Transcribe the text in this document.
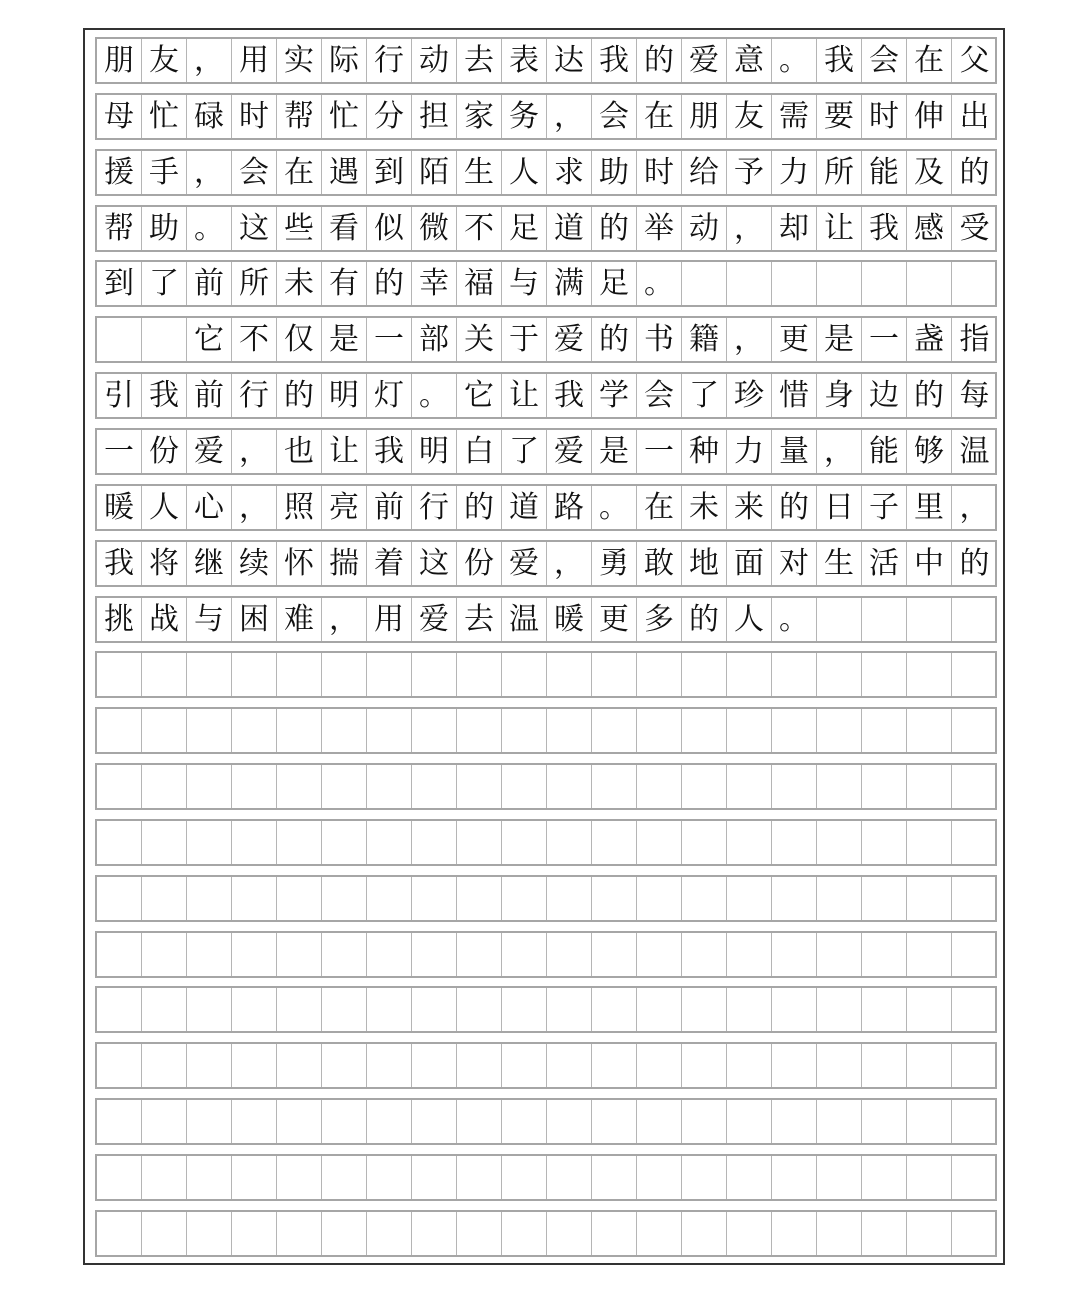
朋 友 ， 用 实 际 行 动 去 表 达 我 的 爱 意 。 我 会 在 父
母 忙 碌 时 帮 忙 分 担 家 务 ， 会 在 朋 友 需 要 时 伸 出
援 手 ， 会 在 遇 到 陌 生 人 求 助 时 给 予 力 所 能 及 的
帮 助 。 这 些 看 似 微 不 足 道 的 举 动 ， 却 让 我 感 受
到 了 前 所 未 有 的 幸 福 与 满 足 。
它 不 仅 是 一 部 关 于 爱 的 书 籍 ， 更 是 一 盏 指
引 我 前 行 的 明 灯 。 它 让 我 学 会 了 珍 惜 身 边 的 每
一 份 爱 ， 也 让 我 明 白 了 爱 是 一 种 力 量 ， 能 够 温
暖 人 心 ， 照 亮 前 行 的 道 路 。 在 未 来 的 日 子 里 ，
我 将 继 续 怀 揣 着 这 份 爱 ， 勇 敢 地 面 对 生 活 中 的
挑 战 与 困 难 ， 用 爱 去 温 暖 更 多 的 人 。
